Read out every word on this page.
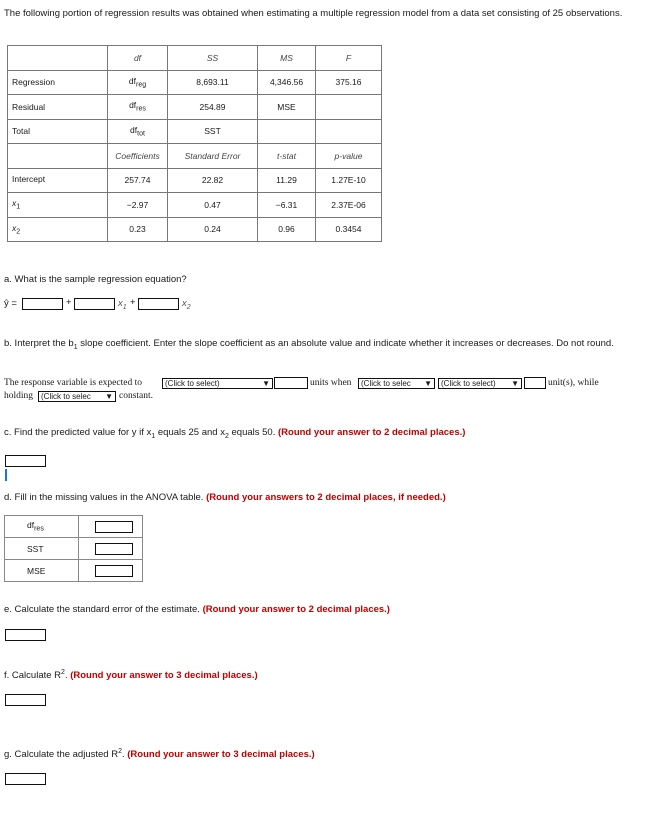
The following portion of regression results was obtained when estimating a multiple regression model from a data set consisting of 25 observations.
	df	SS	MS	F
Regression	$df_{reg}$	8,693.11	4,346.56	375.16
Residual	$df_{res}$	254.89	MSE	
Total	$df_{tot}$	SST		
	Coefficients	Standard Error	t-stat	p-value
Intercept	257.74	22.82	11.29	1.27E-10
$x_1$	−2.97	0.47	−6.31	2.37E-06
$x_2$	0.23	0.24	0.96	0.3454
a. What is the sample regression equation?
ŷ =	+	$x_1$ +	$x_2$
b. Interpret the $b_1$ slope coefficient. Enter the slope coefficient as an absolute value and indicate whether it increases or decreases. Do not round.
The response variable is expected to	(Click to select)	▼	units when	(Click to selec ▼	(Click to select) ▼	unit(s), while
holding (Click to selec ▼ constant.
c. Find the predicted value for y if $x_1$ equals 25 and $x_2$ equals 50. (Round your answer to 2 decimal places.)
d. Fill in the missing values in the ANOVA table. (Round your answers to 2 decimal places, if needed.)
$df_{res}$	

SST	

MSE	
e. Calculate the standard error of the estimate. (Round your answer to 2 decimal places.)
f. Calculate $R^2$. (Round your answer to 3 decimal places.)
g. Calculate the adjusted $R^2$. (Round your answer to 3 decimal places.)
